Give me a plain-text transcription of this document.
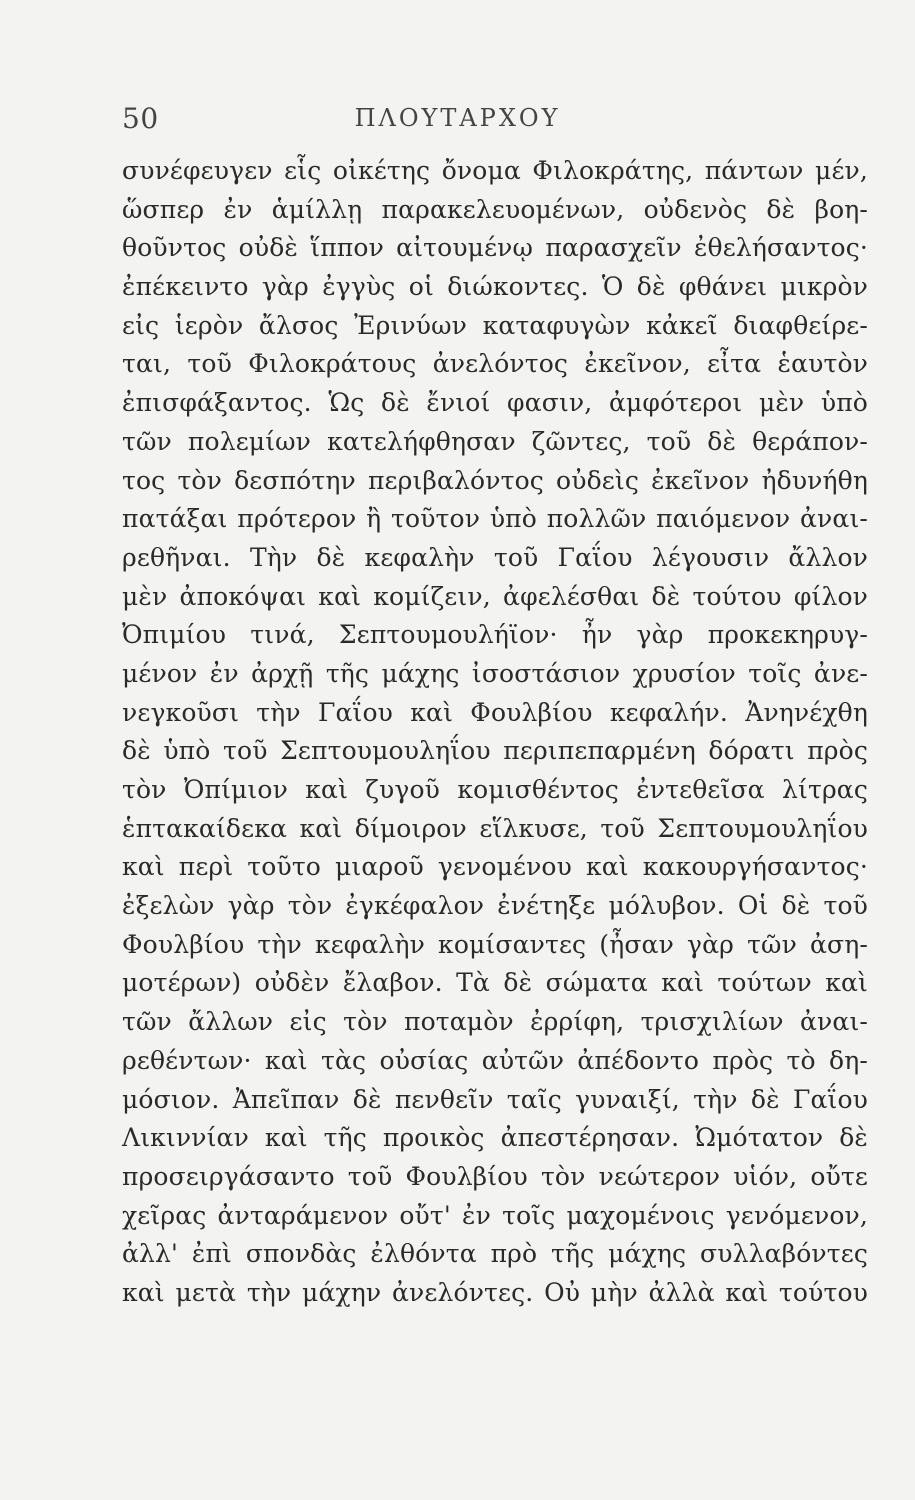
50	ΠΛΟΥΤΑΡΧΟΥ
συνέφευγεν εἷς οἰκέτης ὄνομα Φιλοκράτης, πάντων μέν,
ὥσπερ ἐν ἁμίλλῃ παρακελευομένων, οὐδενὸς δὲ βοη-
θοῦντος οὐδὲ ἵππον αἰτουμένῳ παρασχεῖν ἐθελήσαντος·
ἐπέκειντο γὰρ ἐγγὺς οἱ διώκοντες. Ὁ δὲ φθάνει μικρὸν
εἰς ἱερὸν ἄλσος Ἐρινύων καταφυγὼν κἀκεῖ διαφθείρε-
ται, τοῦ Φιλοκράτους ἀνελόντος ἐκεῖνον, εἶτα ἑαυτὸν
ἐπισφάξαντος. Ὡς δὲ ἔνιοί φασιν, ἀμφότεροι μὲν ὑπὸ
τῶν πολεμίων κατελήφθησαν ζῶντες, τοῦ δὲ θεράπον-
τος τὸν δεσπότην περιβαλόντος οὐδεὶς ἐκεῖνον ἠδυνήθη
πατάξαι πρότερον ἢ τοῦτον ὑπὸ πολλῶν παιόμενον ἀναι-
ρεθῆναι. Τὴν δὲ κεφαλὴν τοῦ Γαΐου λέγουσιν ἄλλον
μὲν ἀποκόψαι καὶ κομίζειν, ἀφελέσθαι δὲ τούτου φίλον
Ὀπιμίου τινά, Σεπτουμουλήϊον· ἦν γὰρ προκεκηρυγ-
μένον ἐν ἀρχῇ τῆς μάχης ἰσοστάσιον χρυσίον τοῖς ἀνε-
νεγκοῦσι τὴν Γαΐου καὶ Φουλβίου κεφαλήν. Ἀνηνέχθη
δὲ ὑπὸ τοῦ Σεπτουμουληΐου περιπεπαρμένη δόρατι πρὸς
τὸν Ὀπίμιον καὶ ζυγοῦ κομισθέντος ἐντεθεῖσα λίτρας
ἑπτακαίδεκα καὶ δίμοιρον εἵλκυσε, τοῦ Σεπτουμουληΐου
καὶ περὶ τοῦτο μιαροῦ γενομένου καὶ κακουργήσαντος·
ἐξελὼν γὰρ τὸν ἐγκέφαλον ἐνέτηξε μόλυβον. Οἱ δὲ τοῦ
Φουλβίου τὴν κεφαλὴν κομίσαντες (ἦσαν γὰρ τῶν ἀση-
μοτέρων) οὐδὲν ἔλαβον. Τὰ δὲ σώματα καὶ τούτων καὶ
τῶν ἄλλων εἰς τὸν ποταμὸν ἐρρίφη, τρισχιλίων ἀναι-
ρεθέντων· καὶ τὰς οὐσίας αὐτῶν ἀπέδοντο πρὸς τὸ δη-
μόσιον. Ἀπεῖπαν δὲ πενθεῖν ταῖς γυναιξί, τὴν δὲ Γαΐου
Λικιννίαν καὶ τῆς προικὸς ἀπεστέρησαν. Ὠμότατον δὲ
προσειργάσαντο τοῦ Φουλβίου τὸν νεώτερον υἱόν, οὔτε
χεῖρας ἀνταράμενον οὔτ' ἐν τοῖς μαχομένοις γενόμενον,
ἀλλ' ἐπὶ σπονδὰς ἐλθόντα πρὸ τῆς μάχης συλλαβόντες
καὶ μετὰ τὴν μάχην ἀνελόντες. Οὐ μὴν ἀλλὰ καὶ τούτου
